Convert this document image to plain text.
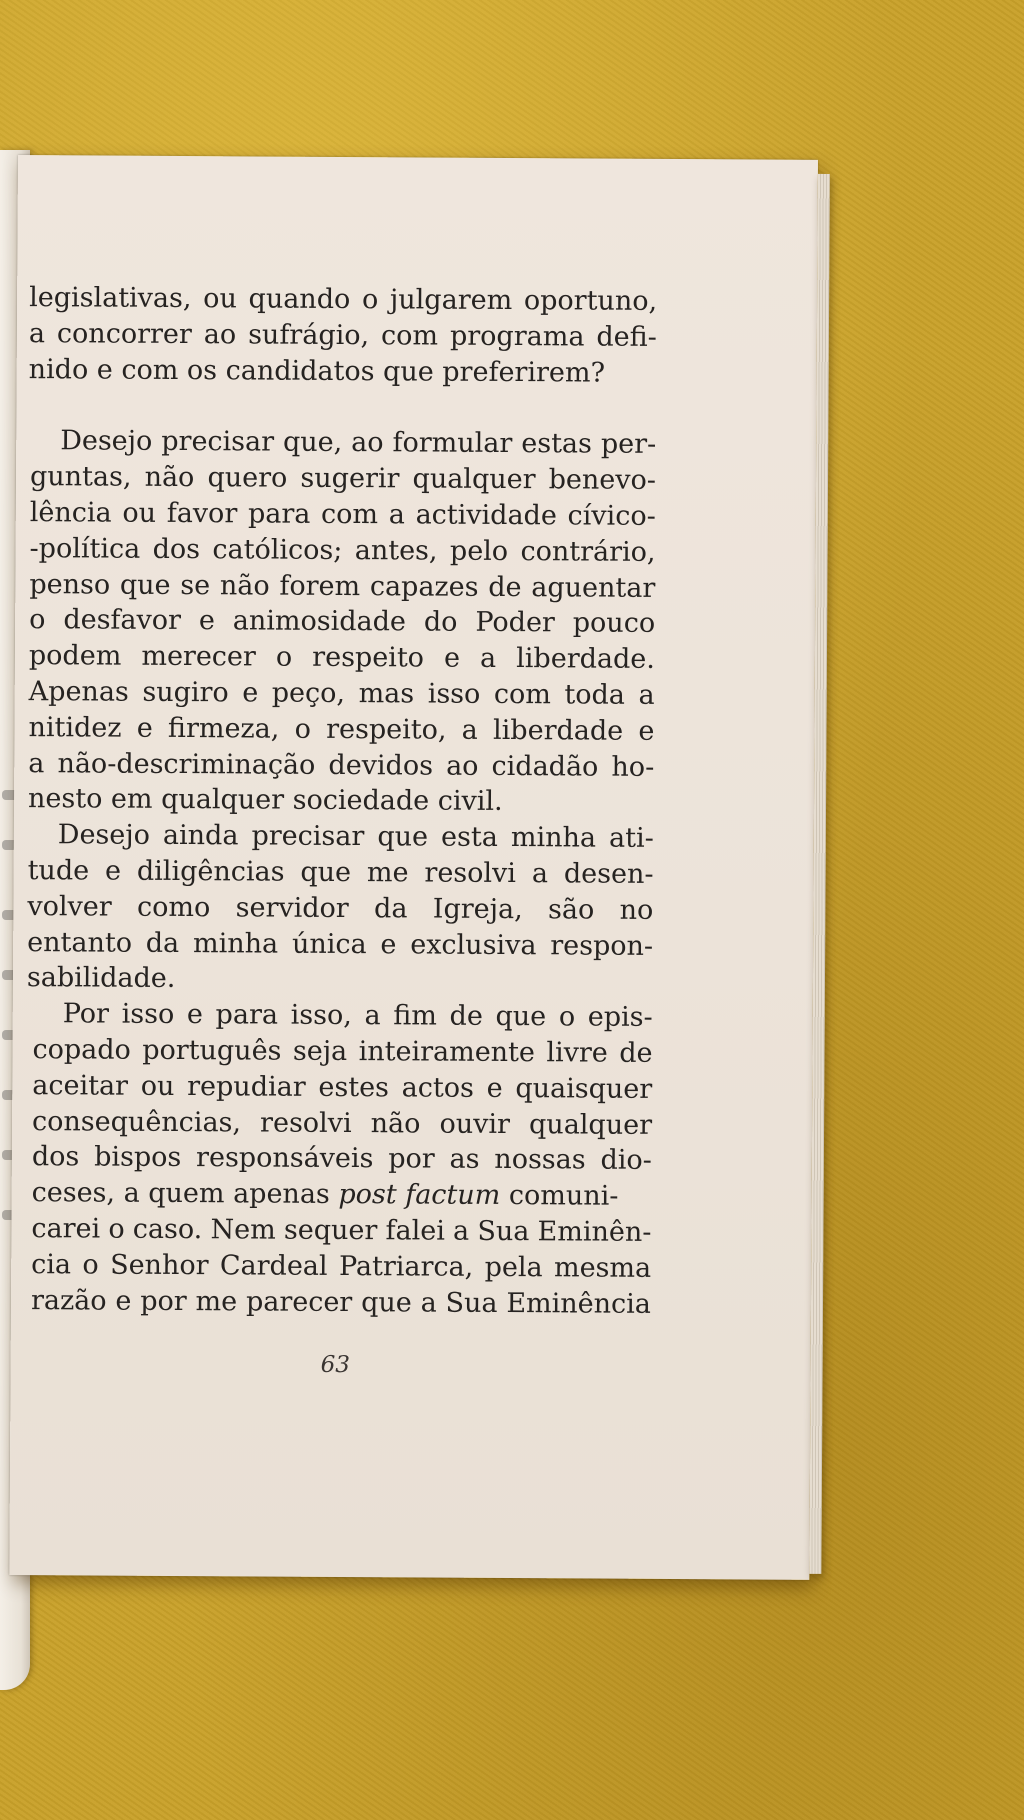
legislativas, ou quando o julgarem oportuno,
a concorrer ao sufrágio, com programa defi-
nido e com os candidatos que preferirem?
Desejo precisar que, ao formular estas per-
guntas, não quero sugerir qualquer benevo-
lência ou favor para com a actividade cívico-
-política dos católicos; antes, pelo contrário,
penso que se não forem capazes de aguentar
o desfavor e animosidade do Poder pouco
podem merecer o respeito e a liberdade.
Apenas sugiro e peço, mas isso com toda a
nitidez e firmeza, o respeito, a liberdade e
a não-descriminação devidos ao cidadão ho-
nesto em qualquer sociedade civil.
Desejo ainda precisar que esta minha ati-
tude e diligências que me resolvi a desen-
volver como servidor da Igreja, são no
entanto da minha única e exclusiva respon-
sabilidade.
Por isso e para isso, a fim de que o epis-
copado português seja inteiramente livre de
aceitar ou repudiar estes actos e quaisquer
consequências, resolvi não ouvir qualquer
dos bispos responsáveis por as nossas dio-
ceses, a quem apenas
post factum
comuni-
carei o caso. Nem sequer falei a Sua Eminên-
cia o Senhor Cardeal Patriarca, pela mesma
razão e por me parecer que a Sua Eminência
63
